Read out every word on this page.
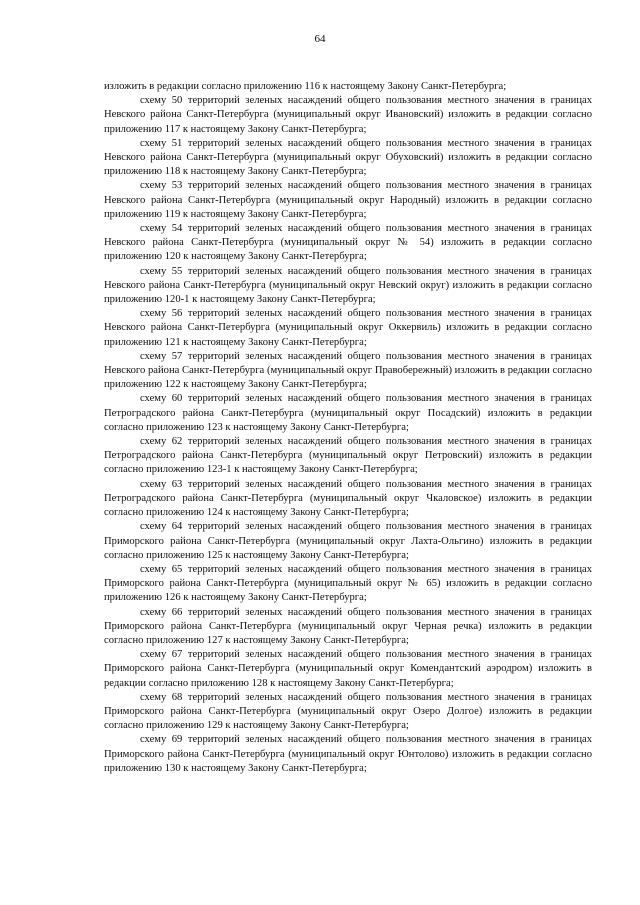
64

изложить в редакции согласно приложению 116 к настоящему Закону Санкт-Петербурга;

схему 50 территорий зеленых насаждений общего пользования местного значения в границах Невского района Санкт-Петербурга (муниципальный округ Ивановский) изложить в редакции согласно приложению 117 к настоящему Закону Санкт-Петербурга;

схему 51 территорий зеленых насаждений общего пользования местного значения в границах Невского района Санкт-Петербурга (муниципальный округ Обуховский) изложить в редакции согласно приложению 118 к настоящему Закону Санкт-Петербурга;

схему 53 территорий зеленых насаждений общего пользования местного значения в границах Невского района Санкт-Петербурга (муниципальный округ Народный) изложить в редакции согласно приложению 119 к настоящему Закону Санкт-Петербурга;

схему 54 территорий зеленых насаждений общего пользования местного значения в границах Невского района Санкт-Петербурга (муниципальный округ № 54) изложить в редакции согласно приложению 120 к настоящему Закону Санкт-Петербурга;

схему 55 территорий зеленых насаждений общего пользования местного значения в границах Невского района Санкт-Петербурга (муниципальный округ Невский округ) изложить в редакции согласно приложению 120-1 к настоящему Закону Санкт-Петербурга;

схему 56 территорий зеленых насаждений общего пользования местного значения в границах Невского района Санкт-Петербурга (муниципальный округ Оккервиль) изложить в редакции согласно приложению 121 к настоящему Закону Санкт-Петербурга;

схему 57 территорий зеленых насаждений общего пользования местного значения в границах Невского района Санкт-Петербурга (муниципальный округ Правобережный) изложить в редакции согласно приложению 122 к настоящему Закону Санкт-Петербурга;

схему 60 территорий зеленых насаждений общего пользования местного значения в границах Петроградского района Санкт-Петербурга (муниципальный округ Посадский) изложить в редакции согласно приложению 123 к настоящему Закону Санкт-Петербурга;

схему 62 территорий зеленых насаждений общего пользования местного значения в границах Петроградского района Санкт-Петербурга (муниципальный округ Петровский) изложить в редакции согласно приложению 123-1 к настоящему Закону Санкт-Петербурга;

схему 63 территорий зеленых насаждений общего пользования местного значения в границах Петроградского района Санкт-Петербурга (муниципальный округ Чкаловское) изложить в редакции согласно приложению 124 к настоящему Закону Санкт-Петербурга;

схему 64 территорий зеленых насаждений общего пользования местного значения в границах Приморского района Санкт-Петербурга (муниципальный округ Лахта-Ольгино) изложить в редакции согласно приложению 125 к настоящему Закону Санкт-Петербурга;

схему 65 территорий зеленых насаждений общего пользования местного значения в границах Приморского района Санкт-Петербурга (муниципальный округ № 65) изложить в редакции согласно приложению 126 к настоящему Закону Санкт-Петербурга;

схему 66 территорий зеленых насаждений общего пользования местного значения в границах Приморского района Санкт-Петербурга (муниципальный округ Черная речка) изложить в редакции согласно приложению 127 к настоящему Закону Санкт-Петербурга;

схему 67 территорий зеленых насаждений общего пользования местного значения в границах Приморского района Санкт-Петербурга (муниципальный округ Комендантский аэродром) изложить в редакции согласно приложению 128 к настоящему Закону Санкт-Петербурга;

схему 68 территорий зеленых насаждений общего пользования местного значения в границах Приморского района Санкт-Петербурга (муниципальный округ Озеро Долгое) изложить в редакции согласно приложению 129 к настоящему Закону Санкт-Петербурга;

схему 69 территорий зеленых насаждений общего пользования местного значения в границах Приморского района Санкт-Петербурга (муниципальный округ Юнтолово) изложить в редакции согласно приложению 130 к настоящему Закону Санкт-Петербурга;
